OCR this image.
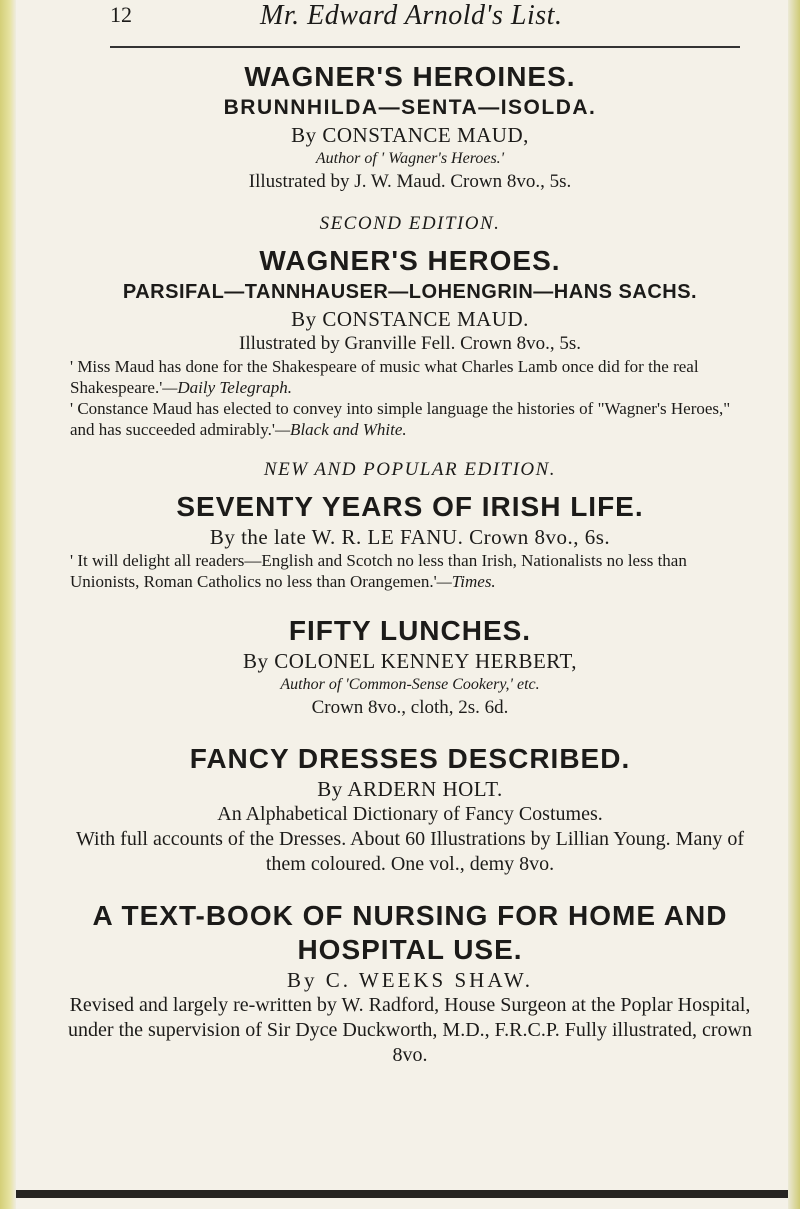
12	Mr. Edward Arnold's List.

WAGNER'S HEROINES.

BRUNNHILDA—SENTA—ISOLDA.

By CONSTANCE MAUD,
Author of ' Wagner's Heroes.'
Illustrated by J. W. Maud. Crown 8vo., 5s.
SECOND EDITION.

WAGNER'S HEROES.

PARSIFAL—TANNHAUSER—LOHENGRIN—HANS SACHS.

By CONSTANCE MAUD.
Illustrated by Granville Fell. Crown 8vo., 5s.
' Miss Maud has done for the Shakespeare of music what Charles Lamb once did for the real Shakespeare.'—Daily Telegraph.
' Constance Maud has elected to convey into simple language the histories of "Wagner's Heroes," and has succeeded admirably.'—Black and White.
NEW AND POPULAR EDITION.

SEVENTY YEARS OF IRISH LIFE.

By the late W. R. LE FANU. Crown 8vo., 6s.
' It will delight all readers—English and Scotch no less than Irish, Nationalists no less than Unionists, Roman Catholics no less than Orangemen.'—Times.

FIFTY LUNCHES.

By COLONEL KENNEY HERBERT,
Author of 'Common-Sense Cookery,' etc.
Crown 8vo., cloth, 2s. 6d.

FANCY DRESSES DESCRIBED.

By ARDERN HOLT.
An Alphabetical Dictionary of Fancy Costumes.
With full accounts of the Dresses. About 60 Illustrations by Lillian Young. Many of them coloured. One vol., demy 8vo.

A TEXT-BOOK OF NURSING FOR HOME AND HOSPITAL USE.

By C. WEEKS SHAW.
Revised and largely re-written by W. Radford, House Surgeon at the Poplar Hospital, under the supervision of Sir Dyce Duckworth, M.D., F.R.C.P. Fully illustrated, crown 8vo.
